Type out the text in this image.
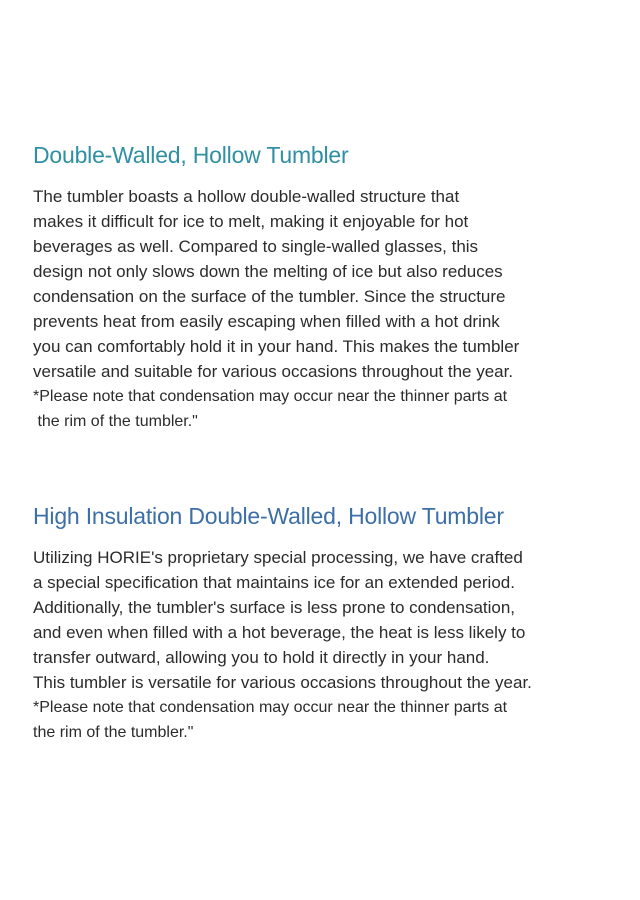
Double-Walled, Hollow Tumbler

The tumbler boasts a hollow double-walled structure that
makes it difficult for ice to melt, making it enjoyable for hot
beverages as well. Compared to single-walled glasses, this
design not only slows down the melting of ice but also reduces
condensation on the surface of the tumbler. Since the structure
prevents heat from easily escaping when filled with a hot drink
you can comfortably hold it in your hand. This makes the tumbler
versatile and suitable for various occasions throughout the year.
*Please note that condensation may occur near the thinner parts at
the rim of the tumbler."

High Insulation Double-Walled, Hollow Tumbler

Utilizing HORIE's proprietary special processing, we have crafted
a special specification that maintains ice for an extended period.
Additionally, the tumbler's surface is less prone to condensation,
and even when filled with a hot beverage, the heat is less likely to
transfer outward, allowing you to hold it directly in your hand.
This tumbler is versatile for various occasions throughout the year.
*Please note that condensation may occur near the thinner parts at
the rim of the tumbler."
